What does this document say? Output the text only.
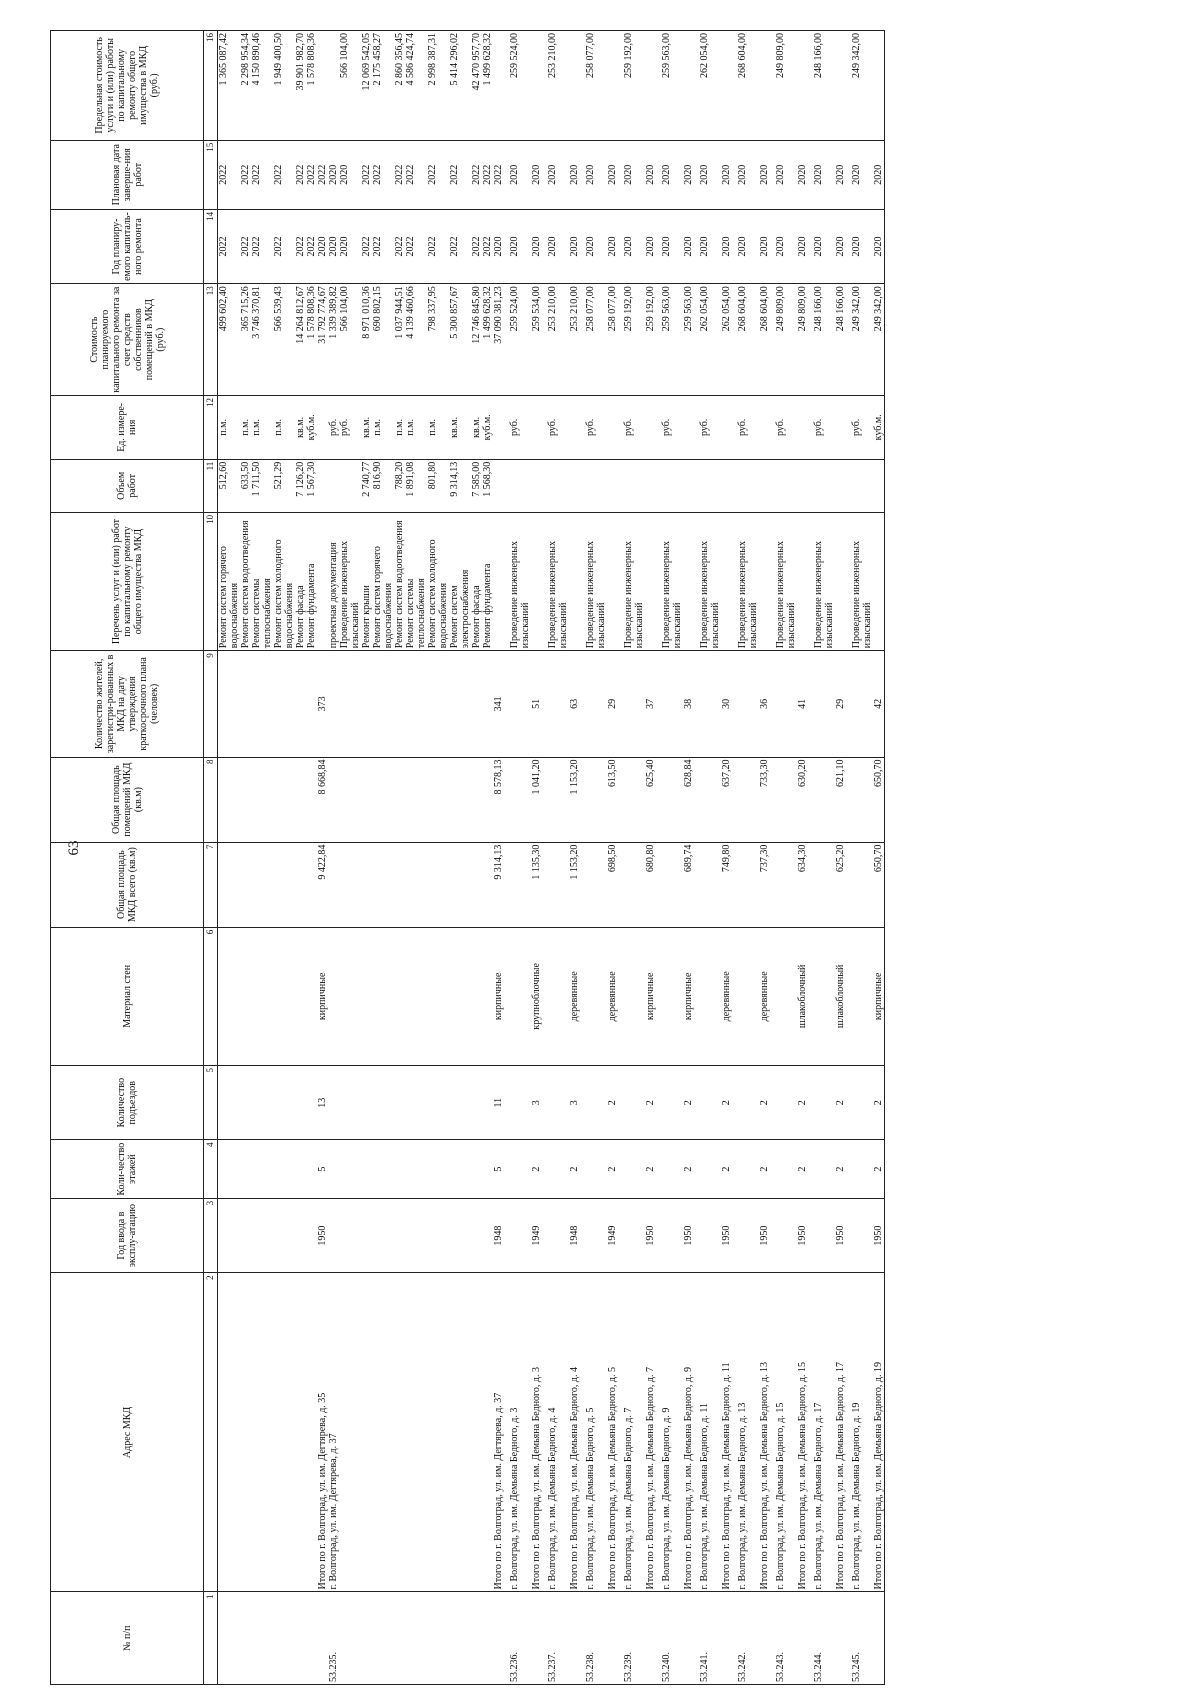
63
№ п/п	Адрес МКД	Год ввода в эксплу-атацию	Коли-чество этажей	Количество подъездов	Материал стен	Общая площадь МКД всего (кв.м)	Общая площадь помещений МКД (кв.м)	Количество жителей, зарегистри-рованных в МКД на дату утверждения краткосрочного плана (человек)	Перечень услуг и (или) работ по капитальному ремонту общего имущества МКД	Объем работ	Ед. измере-ния	Стоимость планируемого капитального ремонта за счет средств собственников помещений в МКД (руб.)	Год планиру-емого капиталь-ного ремонта	Плановая дата заверше-ния работ	Предельная стоимость услуги и (или) работы по капитальному ремонту общего имущества в МКД (руб.)
1	2	3	4	5	6	7	8	9	10	11	12	13	14	15	16
									Ремонт систем горячего водоснабжения	512,60	п.м.	499 602,40	2022	2022	1 365 087,42
									Ремонт систем водоотведения	633,50	п.м.	365 715,26	2022	2022	2 298 954,34
									Ремонт системы теплоснабжения	1 711,50	п.м.	3 746 370,81	2022	2022	4 150 890,46
									Ремонт систем холодного водоснабжения	521,29	п.м.	566 539,43	2022	2022	1 949 400,50
									Ремонт фасада	7 126,20	кв.м.	14 264 812,67	2022	2022	39 901 982,70
									Ремонт фундамента	1 567,30	куб.м.	1 578 808,36	2022	2022	1 578 808,36
	Итого по г. Волгоград, ул. им. Дегтярева, д. 35	1950	5	13	кирпичные	9 422,84	8 668,84	373				31 792 774,67	2020	2022	
53.235.	г. Волгоград, ул. им. Дегтярева, д. 37								проектная документация		руб.	1 339 389,82	2020	2020	
									Проведение инженерных изысканий		руб.	566 104,00	2020	2020	566 104,00
									Ремонт крыши	2 740,77	кв.м.	8 971 010,36	2022	2022	12 069 542,05
									Ремонт систем горячего водоснабжения	816,90	п.м.	690 802,15	2022	2022	2 175 458,27
									Ремонт систем водоотведения	788,20	п.м.	1 037 944,51	2022	2022	2 860 356,45
									Ремонт системы теплоснабжения	1 891,08	п.м.	4 139 460,66	2022	2022	4 586 424,74
									Ремонт систем холодного водоснабжения	801,80	п.м.	798 337,95	2022	2022	2 998 387,31
									Ремонт систем электроснабжения	9 314,13	кв.м.	5 300 857,67	2022	2022	5 414 296,02
									Ремонт фасада	7 585,00	кв.м.	12 746 845,80	2022	2022	42 470 957,70
									Ремонт фундамента	1 568,30	куб.м.	1 499 628,32	2022	2022	1 499 628,32
	Итого по г. Волгоград, ул. им. Дегтярева, д. 37	1948	5	11	кирпичные	9 314,13	8 578,13	341				37 090 381,23	2020	2022	

53.236.	г. Волгоград, ул. им. Демьяна Бедного, д. 3								Проведение инженерных изысканий		руб.	259 524,00	2020	2020	259 524,00
	Итого по г. Волгоград, ул. им. Демьяна Бедного, д. 3	1949	2	3	крупноблочные	1 135,30	1 041,20	51				259 534,00	2020	2020	

53.237.	г. Волгоград, ул. им. Демьяна Бедного, д. 4								Проведение инженерных изысканий		руб.	253 210,00	2020	2020	253 210,00
	Итого по г. Волгоград, ул. им. Демьяна Бедного, д. 4	1948	2	3	деревянные	1 153,20	1 153,20	63				253 210,00	2020	2020	

53.238.	г. Волгоград, ул. им. Демьяна Бедного, д. 5								Проведение инженерных изысканий		руб.	258 077,00	2020	2020	258 077,00
	Итого по г. Волгоград, ул. им. Демьяна Бедного, д. 5	1949	2	2	деревянные	698,50	613,50	29				258 077,00	2020	2020	

53.239.	г. Волгоград, ул. им. Демьяна Бедного, д. 7								Проведение инженерных изысканий		руб.	259 192,00	2020	2020	259 192,00
	Итого по г. Волгоград, ул. им. Демьяна Бедного, д. 7	1950	2	2	кирпичные	680,80	625,40	37				259 192,00	2020	2020	

53.240.	г. Волгоград, ул. им. Демьяна Бедного, д. 9								Проведение инженерных изысканий		руб.	259 563,00	2020	2020	259 563,00
	Итого по г. Волгоград, ул. им. Демьяна Бедного, д. 9	1950	2	2	кирпичные	689,74	628,84	38				259 563,00	2020	2020	

53.241.	г. Волгоград, ул. им. Демьяна Бедного, д. 11								Проведение инженерных изысканий		руб.	262 054,00	2020	2020	262 054,00
	Итого по г. Волгоград, ул. им. Демьяна Бедного, д. 11	1950	2	2	деревянные	749,80	637,20	30				262 054,00	2020	2020	

53.242.	г. Волгоград, ул. им. Демьяна Бедного, д. 13								Проведение инженерных изысканий		руб.	268 604,00	2020	2020	268 604,00
	Итого по г. Волгоград, ул. им. Демьяна Бедного, д. 13	1950	2	2	деревянные	737,30	733,30	36				268 604,00	2020	2020	

53.243.	г. Волгоград, ул. им. Демьяна Бедного, д. 15								Проведение инженерных изысканий		руб.	249 809,00	2020	2020	249 809,00
	Итого по г. Волгоград, ул. им. Демьяна Бедного, д. 15	1950	2	2	шлакоблочный	634,30	630,20	41				249 809,00	2020	2020	

53.244.	г. Волгоград, ул. им. Демьяна Бедного, д. 17								Проведение инженерных изысканий		руб.	248 166,00	2020	2020	248 166,00
	Итого по г. Волгоград, ул. им. Демьяна Бедного, д. 17	1950	2	2	шлакоблочный	625,20	621,10	29				248 166,00	2020	2020	

53.245.	г. Волгоград, ул. им. Демьяна Бедного, д. 19								Проведение инженерных изысканий		руб.	249 342,00	2020	2020	249 342,00
	Итого по г. Волгоград, ул. им. Демьяна Бедного, д. 19	1950	2	2	кирпичные	650,70	650,70	42			куб.м.	249 342,00	2020	2020	
